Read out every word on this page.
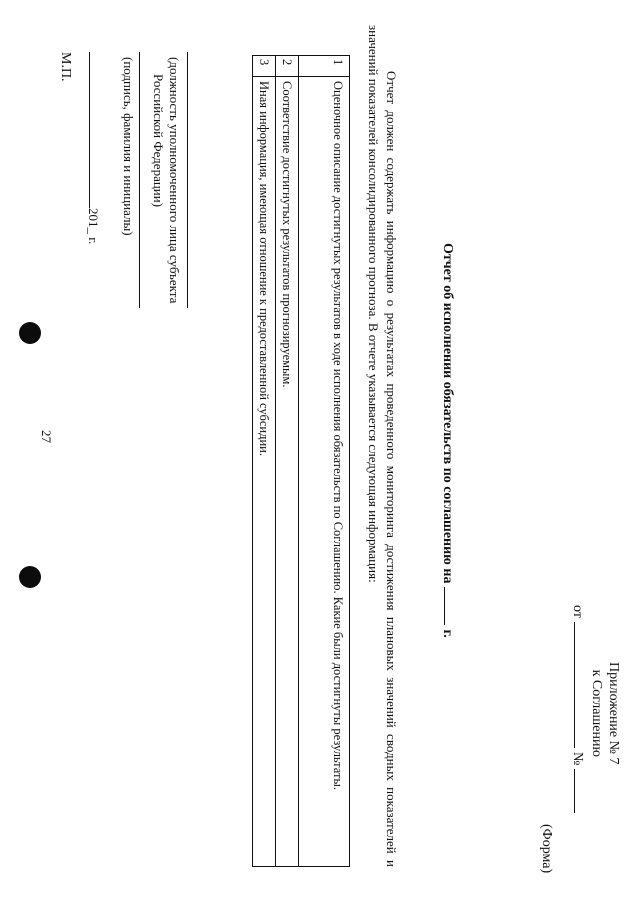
27
Приложение № 7
к Соглашению
от
№
(Форма)
Отчет об исполнении обязательств по соглашению на
г.
Отчет должен содержать информацию о результатах проведенного мониторинга достижения плановых значений сводных показателей и значений показателей консолидированного прогноза. В отчете указывается следующая информация:
1	Оценочное описание достигнутых результатов в ходе исполнения обязательств по Соглашению. Какие были достигнуты результаты.
2	Соответствие достигнутых результатов прогнозируемым.
3	Иная информация, имеющая отношение к предоставленной субсидии.
(должность уполномоченного лица субъекта
Российской Федерации)
(подпись, фамилия и инициалы)
201_ г.
М.П.
